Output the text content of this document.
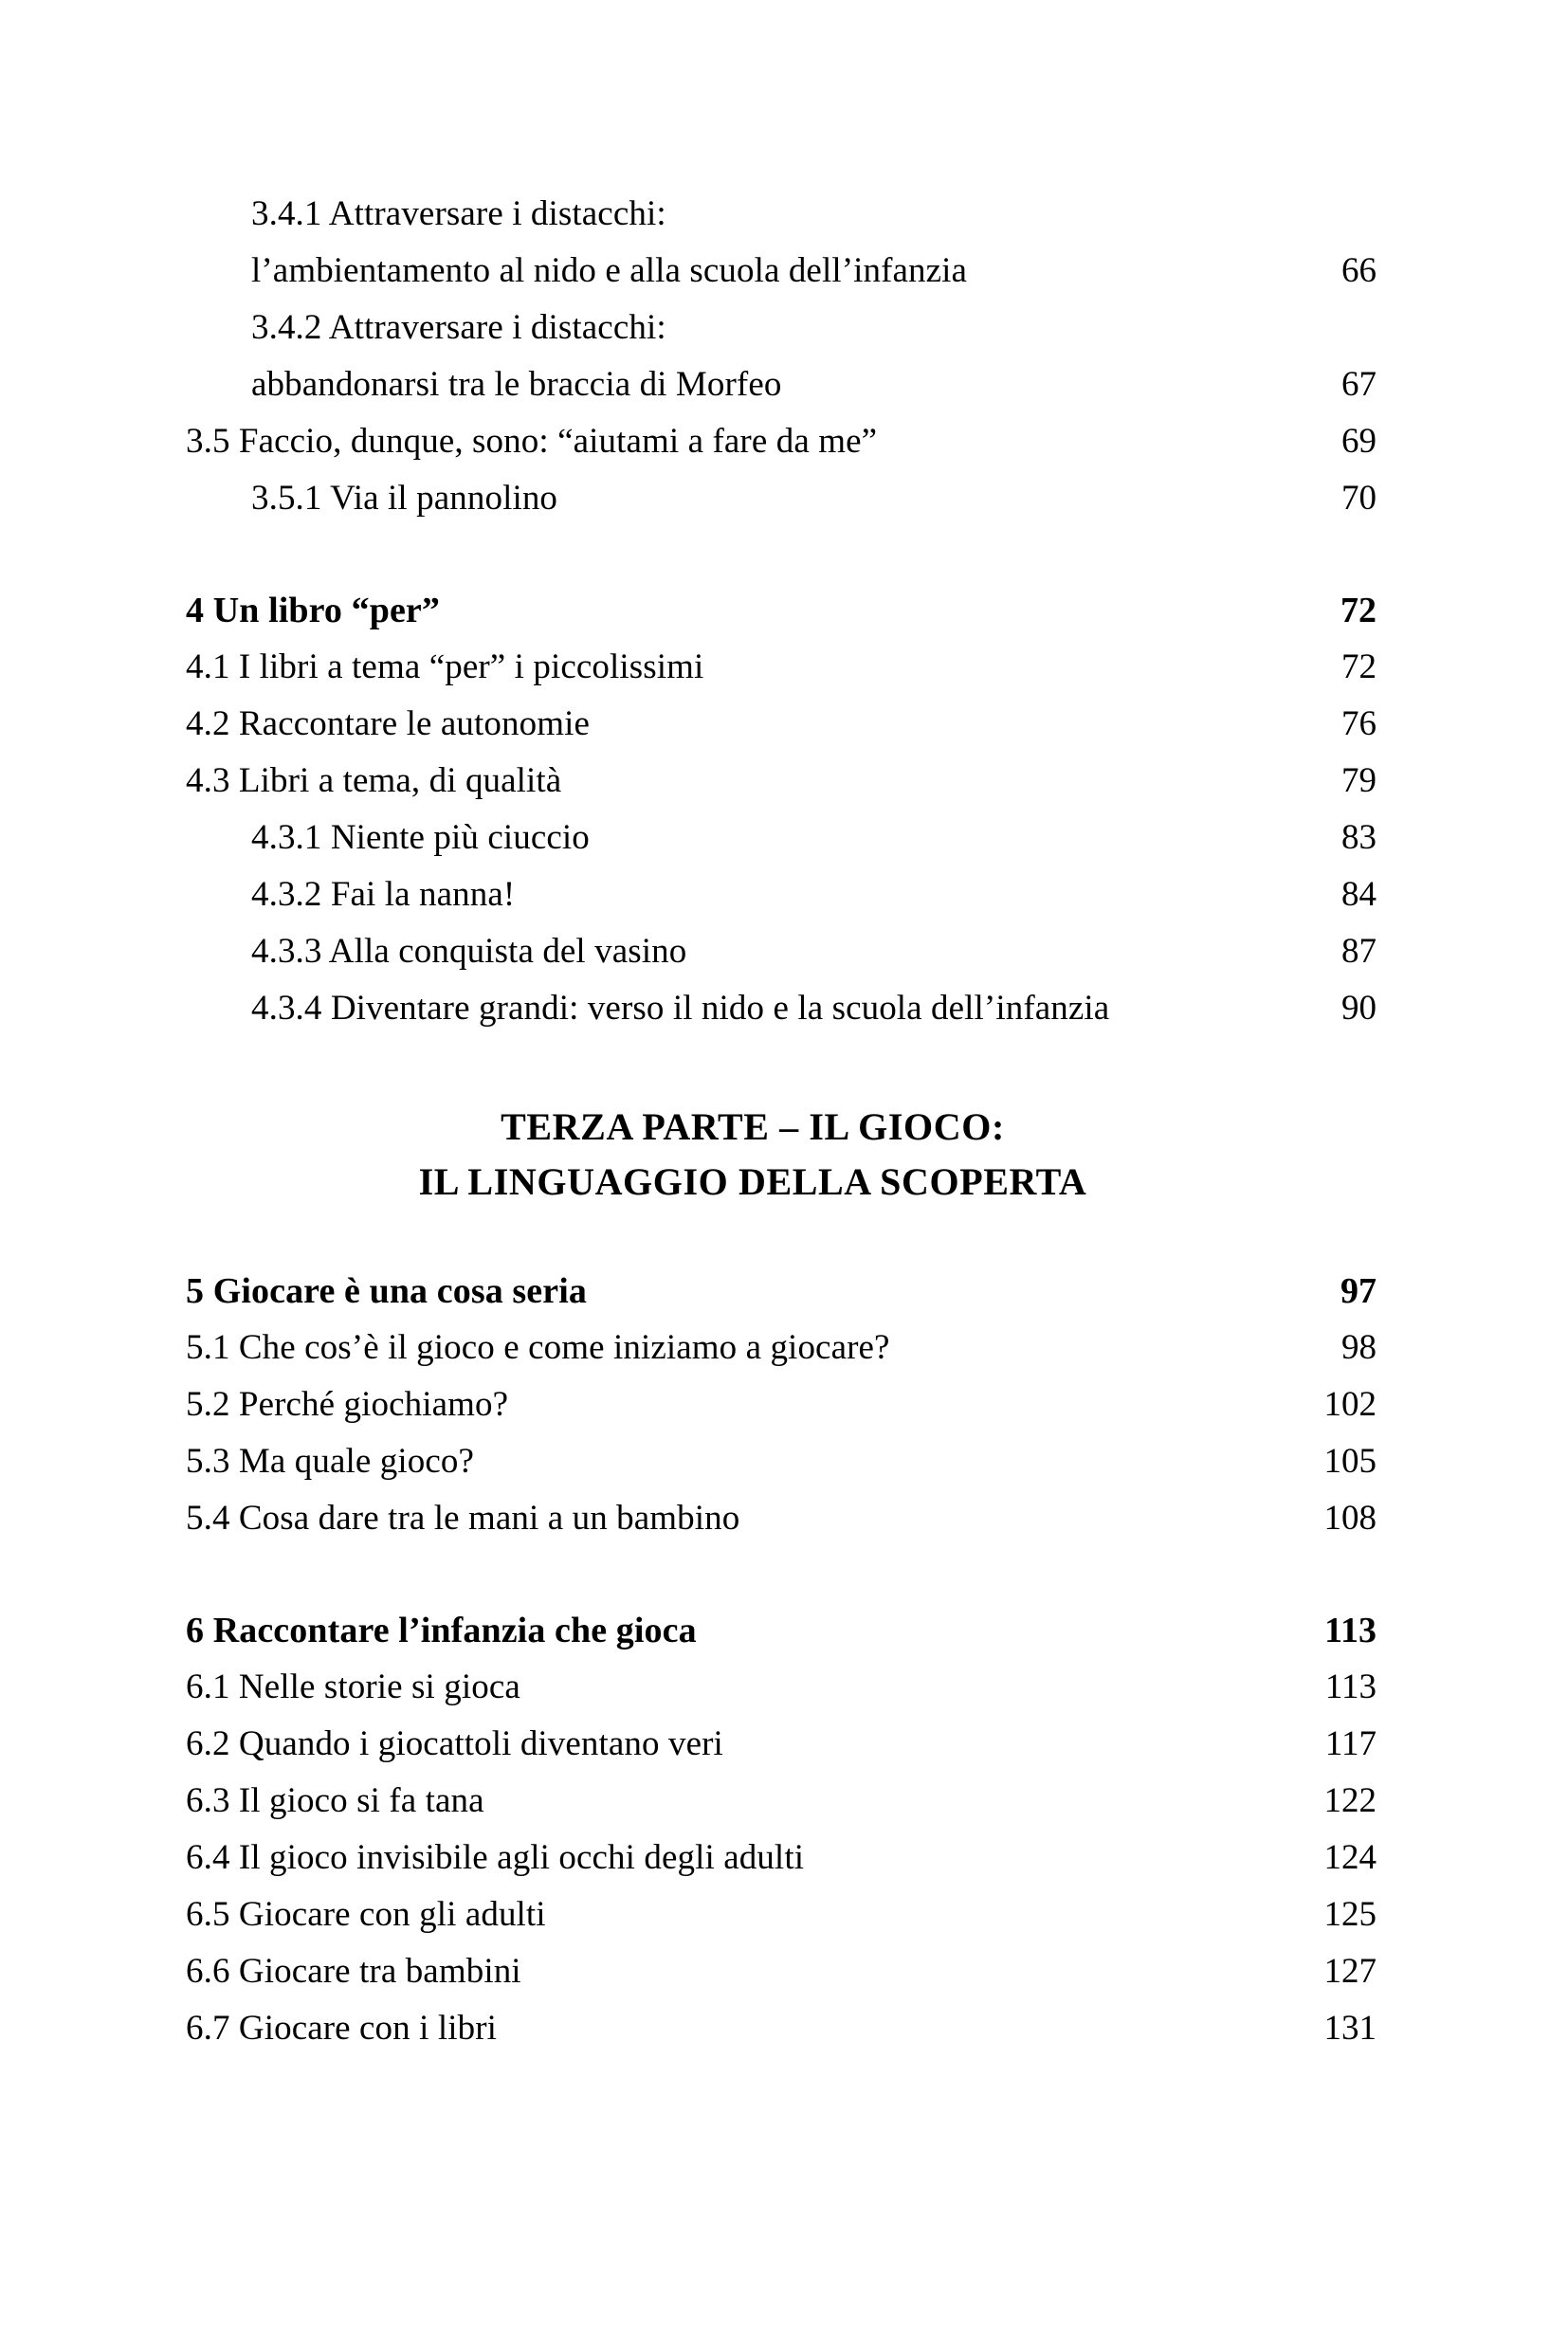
3.4.1 Attraversare i distacchi:
l’ambientamento al nido e alla scuola dell’infanzia	66
3.4.2 Attraversare i distacchi:
abbandonarsi tra le braccia di Morfeo	67
3.5 Faccio, dunque, sono: “aiutami a fare da me”	69
3.5.1 Via il pannolino	70
4 Un libro “per”	72
4.1 I libri a tema “per” i piccolissimi	72
4.2 Raccontare le autonomie	76
4.3 Libri a tema, di qualità	79
4.3.1 Niente più ciuccio	83
4.3.2 Fai la nanna!	84
4.3.3 Alla conquista del vasino	87
4.3.4 Diventare grandi: verso il nido e la scuola dell’infanzia	90
TERZA PARTE – IL GIOCO:
IL LINGUAGGIO DELLA SCOPERTA
5 Giocare è una cosa seria	97
5.1 Che cos’è il gioco e come iniziamo a giocare?	98
5.2 Perché giochiamo?	102
5.3 Ma quale gioco?	105
5.4 Cosa dare tra le mani a un bambino	108
6 Raccontare l’infanzia che gioca	113
6.1 Nelle storie si gioca	113
6.2 Quando i giocattoli diventano veri	117
6.3 Il gioco si fa tana	122
6.4 Il gioco invisibile agli occhi degli adulti	124
6.5 Giocare con gli adulti	125
6.6 Giocare tra bambini	127
6.7 Giocare con i libri	131
